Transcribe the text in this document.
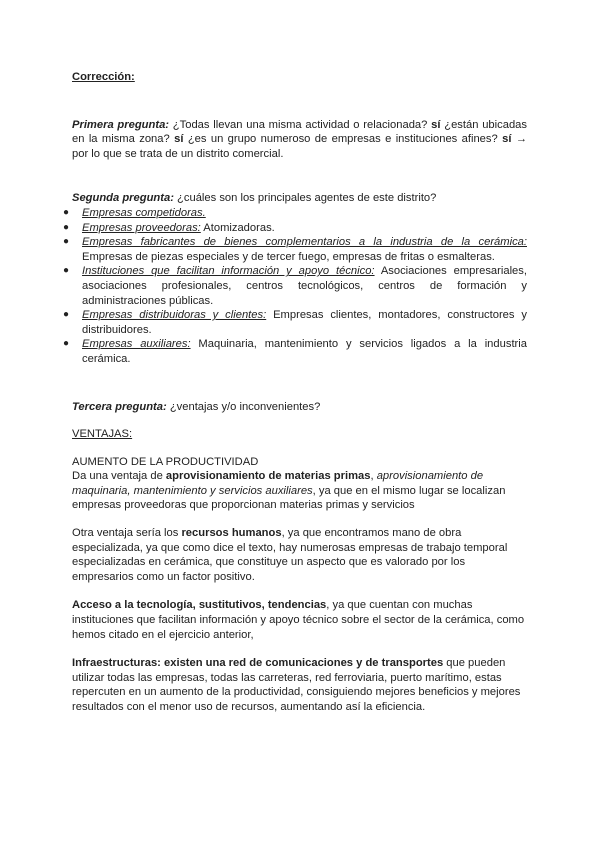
Corrección:

Primera pregunta: ¿Todas llevan una misma actividad o relacionada? sí ¿están ubicadas en la misma zona? sí ¿es un grupo numeroso de empresas e instituciones afines? sí → por lo que se trata de un distrito comercial.

Segunda pregunta: ¿cuáles son los principales agentes de este distrito?

● Empresas competidoras.
● Empresas proveedoras: Atomizadoras.
● Empresas fabricantes de bienes complementarios a la industria de la cerámica: Empresas de piezas especiales y de tercer fuego, empresas de fritas o esmalteras.
● Instituciones que facilitan información y apoyo técnico: Asociaciones empresariales, asociaciones profesionales, centros tecnológicos, centros de formación y administraciones públicas.
● Empresas distribuidoras y clientes: Empresas clientes, montadores, constructores y distribuidores.
● Empresas auxiliares: Maquinaria, mantenimiento y servicios ligados a la industria cerámica.

Tercera pregunta: ¿ventajas y/o inconvenientes?

VENTAJAS:

AUMENTO DE LA PRODUCTIVIDAD

Da una ventaja de aprovisionamiento de materias primas, aprovisionamiento de maquinaria, mantenimiento y servicios auxiliares, ya que en el mismo lugar se localizan empresas proveedoras que proporcionan materias primas y servicios

Otra ventaja sería los recursos humanos, ya que encontramos mano de obra especializada, ya que como dice el texto, hay numerosas empresas de trabajo temporal especializadas en cerámica, que constituye un aspecto que es valorado por los empresarios como un factor positivo.

Acceso a la tecnología, sustitutivos, tendencias, ya que cuentan con muchas instituciones que facilitan información y apoyo técnico sobre el sector de la cerámica, como hemos citado en el ejercicio anterior,

Infraestructuras: existen una red de comunicaciones y de transportes que pueden utilizar todas las empresas, todas las carreteras, red ferroviaria, puerto marítimo, estas repercuten en un aumento de la productividad, consiguiendo mejores beneficios y mejores resultados con el menor uso de recursos, aumentando así la eficiencia.
